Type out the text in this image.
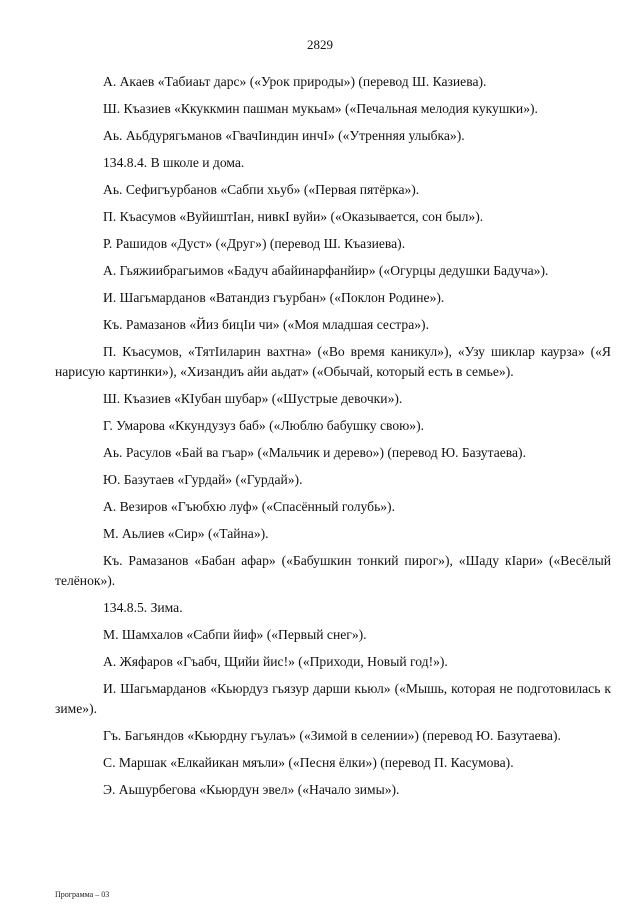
2829

А. Акаев «Табиаьт дарс» («Урок природы») (перевод Ш. Казиева).

Ш. Къазиев «Ккуккмин пашман мукьам» («Печальная мелодия кукушки»).

Аь. Аьбдурягьманов «ГвачIиндин инчI» («Утренняя улыбка»).

134.8.4. В школе и дома.

Аь. Сефигъурбанов «Сабпи хьуб» («Первая пятёрка»).

П. Къасумов «ВуйиштIан, нивкI вуйи» («Оказывается, сон был»).

Р. Рашидов «Дуст» («Друг») (перевод Ш. Къазиева).

А. Гьяжиибрагьимов «Бадуч абайинарфанйир» («Огурцы дедушки Бадуча»).

И. Шагьмарданов «Ватандиз гъурбан» («Поклон Родине»).

Къ. Рамазанов «Йиз бицIи чи» («Моя младшая сестра»).

П. Къасумов, «ТятIиларин вахтна» («Во время каникул»), «Узу шиклар каурза» («Я нарисую картинки»), «Хизандиъ айи аьдат» («Обычай, который есть в семье»).

Ш. Къазиев «КIубан шубар» («Шустрые девочки»).

Г. Умарова «Ккундузуз баб» («Люблю бабушку свою»).

Аь. Расулов «Бай ва гъар» («Мальчик и дерево») (перевод Ю. Базутаева).

Ю. Базутаев «Гурдай» («Гурдай»).

А. Везиров «Гъюбхю луф» («Спасённый голубь»).

М. Аьлиев «Сир» («Тайна»).

Къ. Рамазанов «Бабан афар» («Бабушкин тонкий пирог»), «Шаду кIари» («Весёлый телёнок»).

134.8.5. Зима.

М. Шамхалов «Сабпи йиф» («Первый снег»).

А. Жяфаров «Гъабч, Щийи йис!» («Приходи, Новый год!»).

И. Шагьмарданов «Кьюрдуз гьязур дарши кьюл» («Мышь, которая не подготовилась к зиме»).

Гъ. Багьяндов «Кьюрдну гъулаъ» («Зимой в селении») (перевод Ю. Базутаева).

С. Маршак «Елкайикан мяъли» («Песня ёлки») (перевод П. Касумова).

Э. Аьшурбегова «Кьюрдун эвел» («Начало зимы»).

Программа – 03
